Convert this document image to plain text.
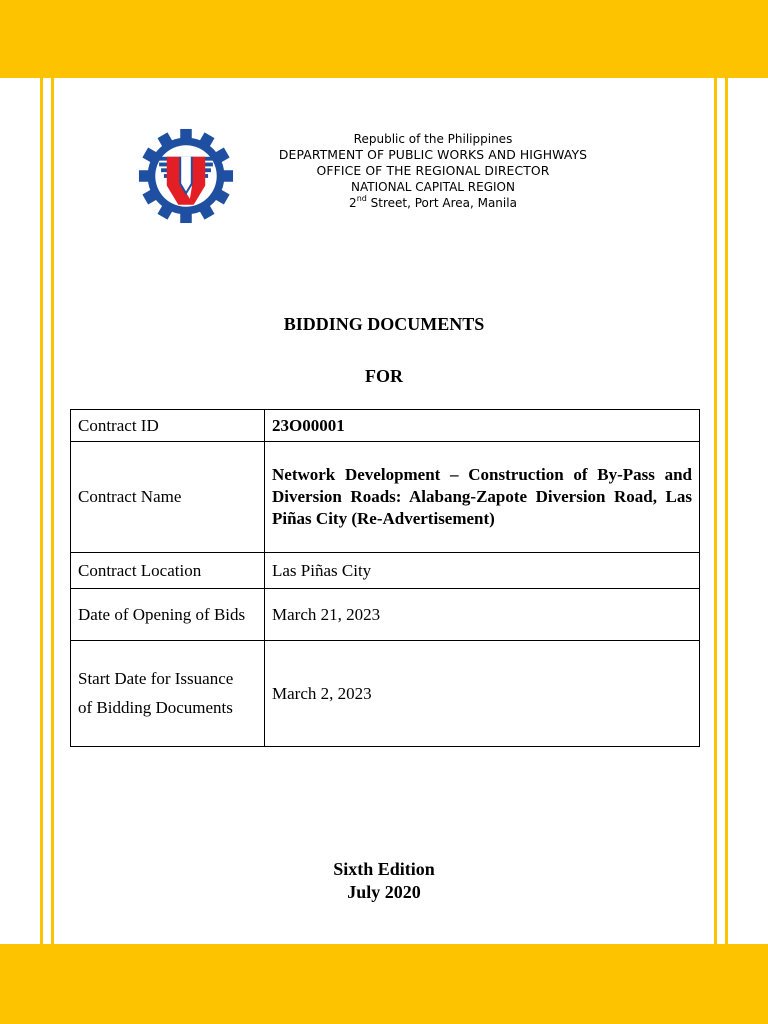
Republic of the Philippines
DEPARTMENT OF PUBLIC WORKS AND HIGHWAYS
OFFICE OF THE REGIONAL DIRECTOR
NATIONAL CAPITAL REGION
2nd Street, Port Area, Manila
BIDDING DOCUMENTS
FOR
Contract ID	23O00001
Contract Name	Network Development – Construction of By-Pass and Diversion Roads: Alabang-Zapote Diversion Road, Las Piñas City (Re-Advertisement)
Contract Location	Las Piñas City
Date of Opening of Bids	March 21, 2023

Start Date for Issuance
of Bidding Documents	March 2, 2023
Sixth Edition
July 2020
